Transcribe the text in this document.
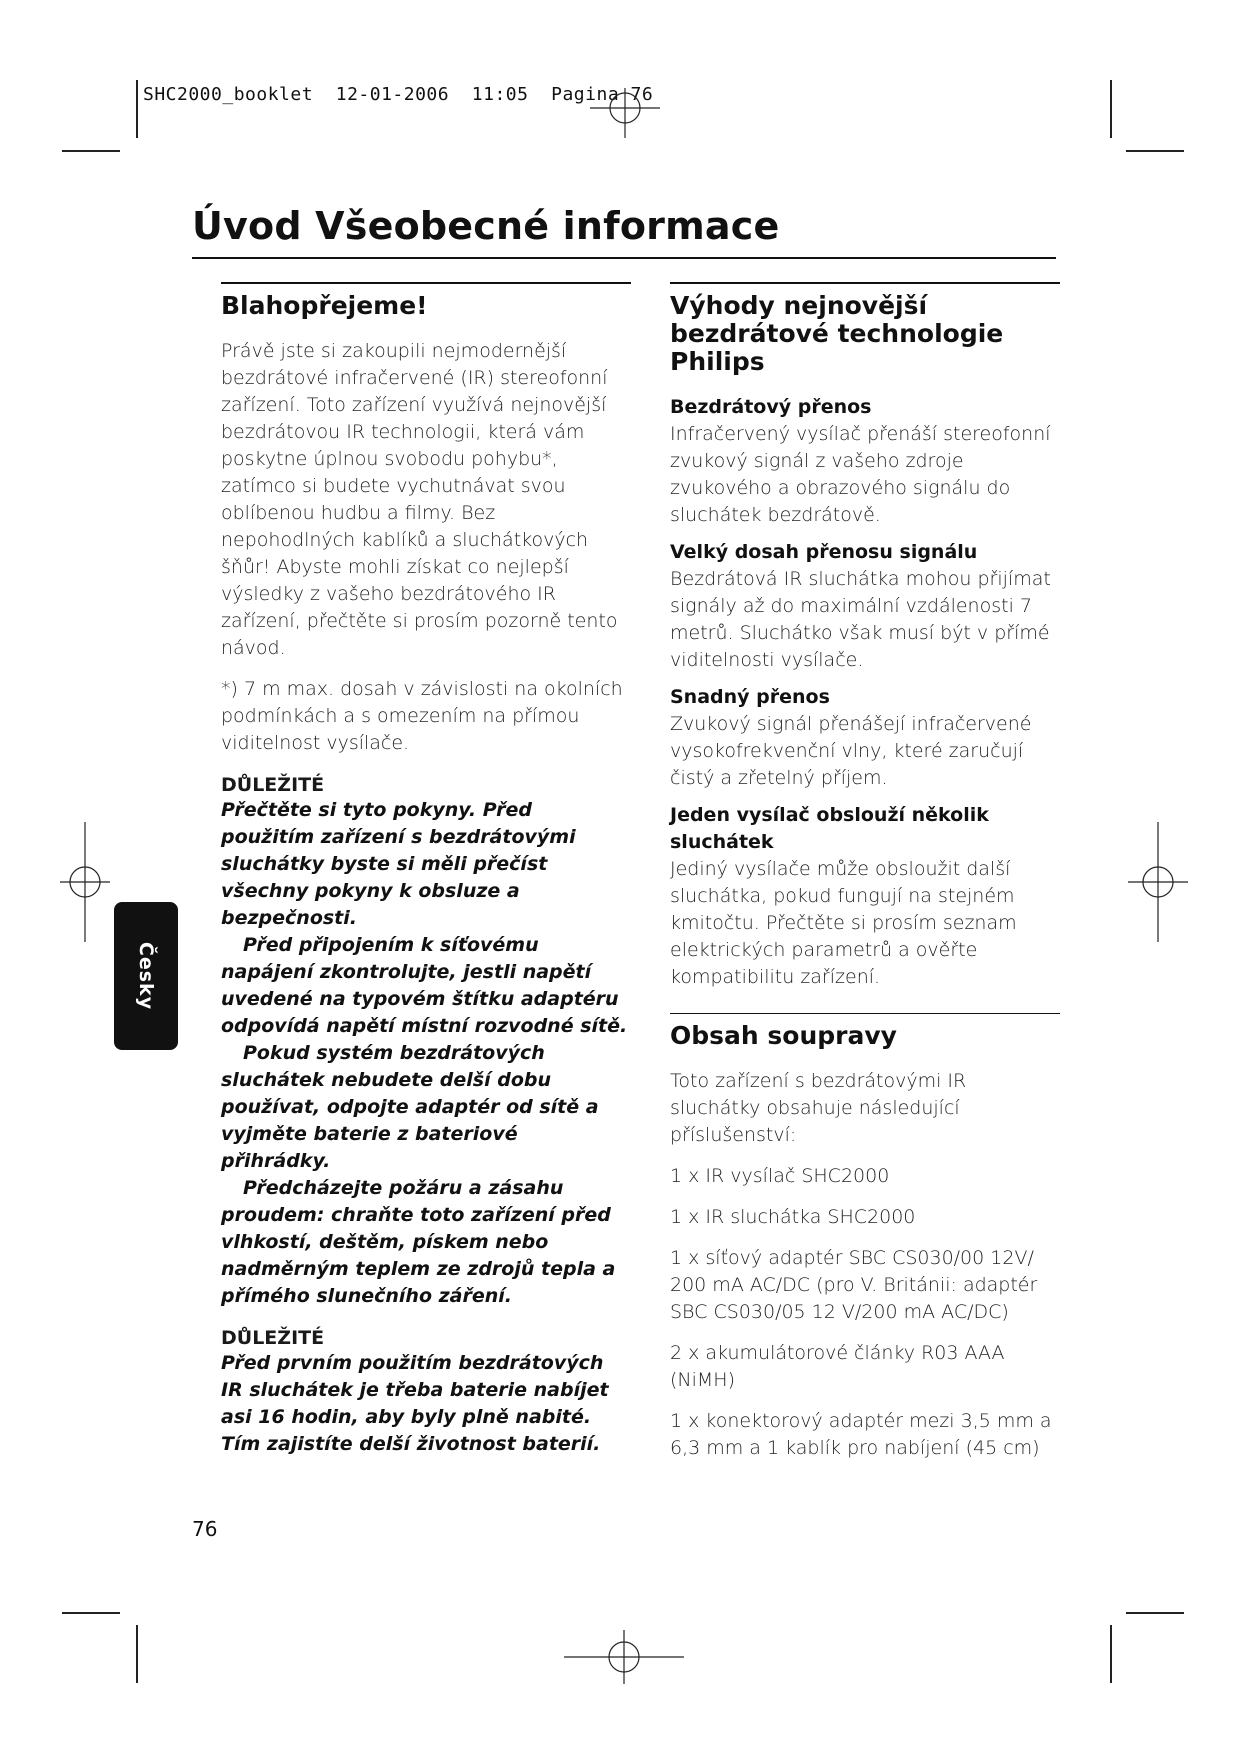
SHC2000_booklet  12-01-2006  11:05  Pagina 76
Úvod Všeobecné informace
Česky
Blahopřejeme!

Právě jste si zakoupili nejmodernější bezdrátové infračervené (IR) stereofonní zařízení. Toto zařízení využívá nejnovější bezdrátovou IR technologii, která vám poskytne úplnou svobodu pohybu*, zatímco si budete vychutnávat svou oblíbenou hudbu a filmy. Bez nepohodlných kablíků a sluchátkových šňůr! Abyste mohli získat co nejlepší výsledky z vašeho bezdrátového IR zařízení, přečtěte si prosím pozorně tento návod.

*) 7 m max. dosah v závislosti na okolních podmínkách a s omezením na přímou viditelnost vysílače.

DŮLEŽITÉ

Přečtěte si tyto pokyny. Před použitím zařízení s bezdrátovými sluchátky byste si měli přečíst všechny pokyny k obsluze a bezpečnosti.

Před připojením k síťovému napájení zkontrolujte, jestli napětí uvedené na typovém štítku adaptéru odpovídá napětí místní rozvodné sítě.

Pokud systém bezdrátových sluchátek nebudete delší dobu používat, odpojte adaptér od sítě a vyjměte baterie z bateriové přihrádky.

Předcházejte požáru a zásahu proudem: chraňte toto zařízení před vlhkostí, deštěm, pískem nebo nadměrným teplem ze zdrojů tepla a přímého slunečního záření.

DŮLEŽITÉ

Před prvním použitím bezdrátových IR sluchátek je třeba baterie nabíjet asi 16 hodin, aby byly plně nabité. Tím zajistíte delší životnost baterií.

Výhody nejnovější bezdrátové technologie Philips
Bezdrátový přenos

Infračervený vysílač přenáší stereofonní zvukový signál z vašeho zdroje zvukového a obrazového signálu do sluchátek bezdrátově.

Velký dosah přenosu signálu

Bezdrátová IR sluchátka mohou přijímat signály až do maximální vzdálenosti 7 metrů. Sluchátko však musí být v přímé viditelnosti vysílače.

Snadný přenos

Zvukový signál přenášejí infračervené vysokofrekvenční vlny, které zaručují čistý a zřetelný příjem.

Jeden vysílač obslouží několik sluchátek

Jediný vysílače může obsloužit další sluchátka, pokud fungují na stejném kmitočtu. Přečtěte si prosím seznam elektrických parametrů a ověřte kompatibilitu zařízení.

Obsah soupravy

Toto zařízení s bezdrátovými IR sluchátky obsahuje následující příslušenství:

1 x IR vysílač SHC2000

1 x IR sluchátka SHC2000

1 x síťový adaptér SBC CS030/00 12V/ 200 mA AC/DC (pro V. Británii: adaptér SBC CS030/05 12 V/200 mA AC/DC)

2 x akumulátorové články R03 AAA (NiMH)

1 x konektorový adaptér mezi 3,5 mm a 6,3 mm a 1 kablík pro nabíjení (45 cm)

76
